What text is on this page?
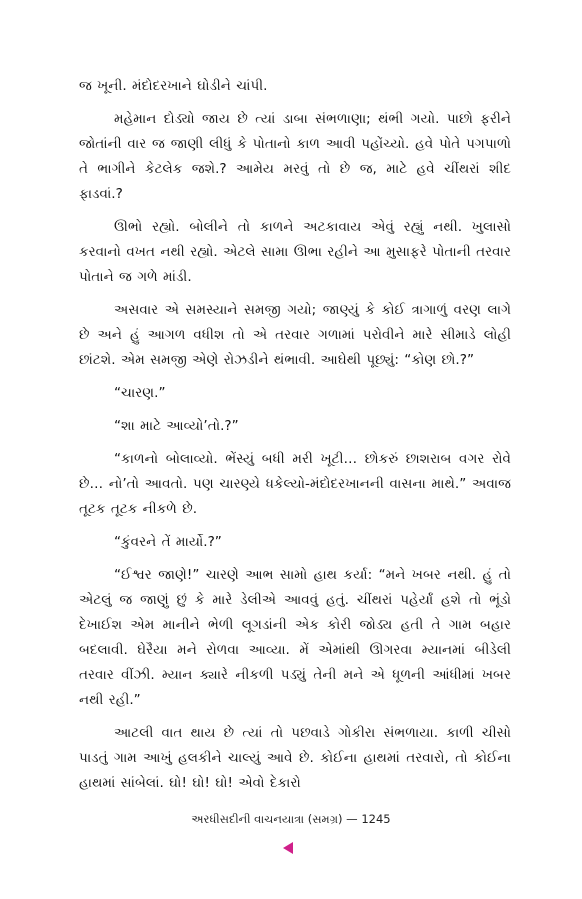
જ ખૂની. મંદોદરખાને ઘોડીને ચાંપી.

મહેમાન દોડ્યો જાય છે ત્યાં ડાબા સંભળાણા; થંભી ગયો. પાછો ફરીને જોતાંની વાર જ જાણી લીધું કે પોતાનો કાળ આવી પહોંચ્યો. હવે પોતે પગપાળો તે ભાગીને કેટલેક જશે.? આમેય મરવું તો છે જ, માટે હવે ચીંથરાં શીદ ફાડવાં.?

ઊભો રહ્યો. બોલીને તો કાળને અટકાવાય એવું રહ્યું નથી. ખુલાસો કરવાનો વખત નથી રહ્યો. એટલે સામા ઊભા રહીને આ મુસાફરે પોતાની તરવાર પોતાને જ ગળે માંડી.

અસવાર એ સમસ્યાને સમજી ગયો; જાણ્યું કે કોઈ ત્રાગાળું વરણ લાગે છે અને હું આગળ વધીશ તો એ તરવાર ગળામાં પરોવીને મારે સીમાડે લોહી છાંટશે. એમ સમજી એણે રોઝડીને થંભાવી. આઘેથી પૂછ્યું: “કોણ છો.?”

“ચારણ.”

“શા માટે આવ્યો’તો.?”

“કાળનો બોલાવ્યો. ભેંસ્યું બધી મરી ખૂટી… છોકરું છાશરાબ વગર રોવે છે… નો’તો આવતો. પણ ચારણ્યે ધકેલ્યો-મંદોદરખાનની વાસના માથે.” અવાજ તૂટક તૂટક નીકળે છે.

“કુંવરને તેં માર્યો.?”

“ઈશ્વર જાણે!” ચારણે આભ સામો હાથ કર્યા: “મને ખબર નથી. હું તો એટલું જ જાણું છું કે મારે ડેલીએ આવવું હતું. ચીંથરાં પહેર્યાં હશે તો ભૂંડો દેખાઈશ એમ માનીને ભેળી લૂગડાંની એક કોરી જોડ્ય હતી તે ગામ બહાર બદલાવી. ઘેરૈયા મને રોળવા આવ્યા. મેં એમાંથી ઊગરવા મ્યાનમાં બીડેલી તરવાર વીંઝી. મ્યાન ક્યારે નીકળી પડ્યું તેની મને એ ધૂળની આંધીમાં ખબર નથી રહી.”

આટલી વાત થાય છે ત્યાં તો પછવાડે ગોકીરા સંભળાયા. કાળી ચીસો પાડતું ગામ આખું હલકીને ચાલ્યું આવે છે. કોઈના હાથમાં તરવારો, તો કોઈના હાથમાં સાંબેલાં. ઘો! ઘો! ઘો! એવો દેકારો

અરધીસદીની વાચનયાત્રા (સમગ્ર) — 1245
